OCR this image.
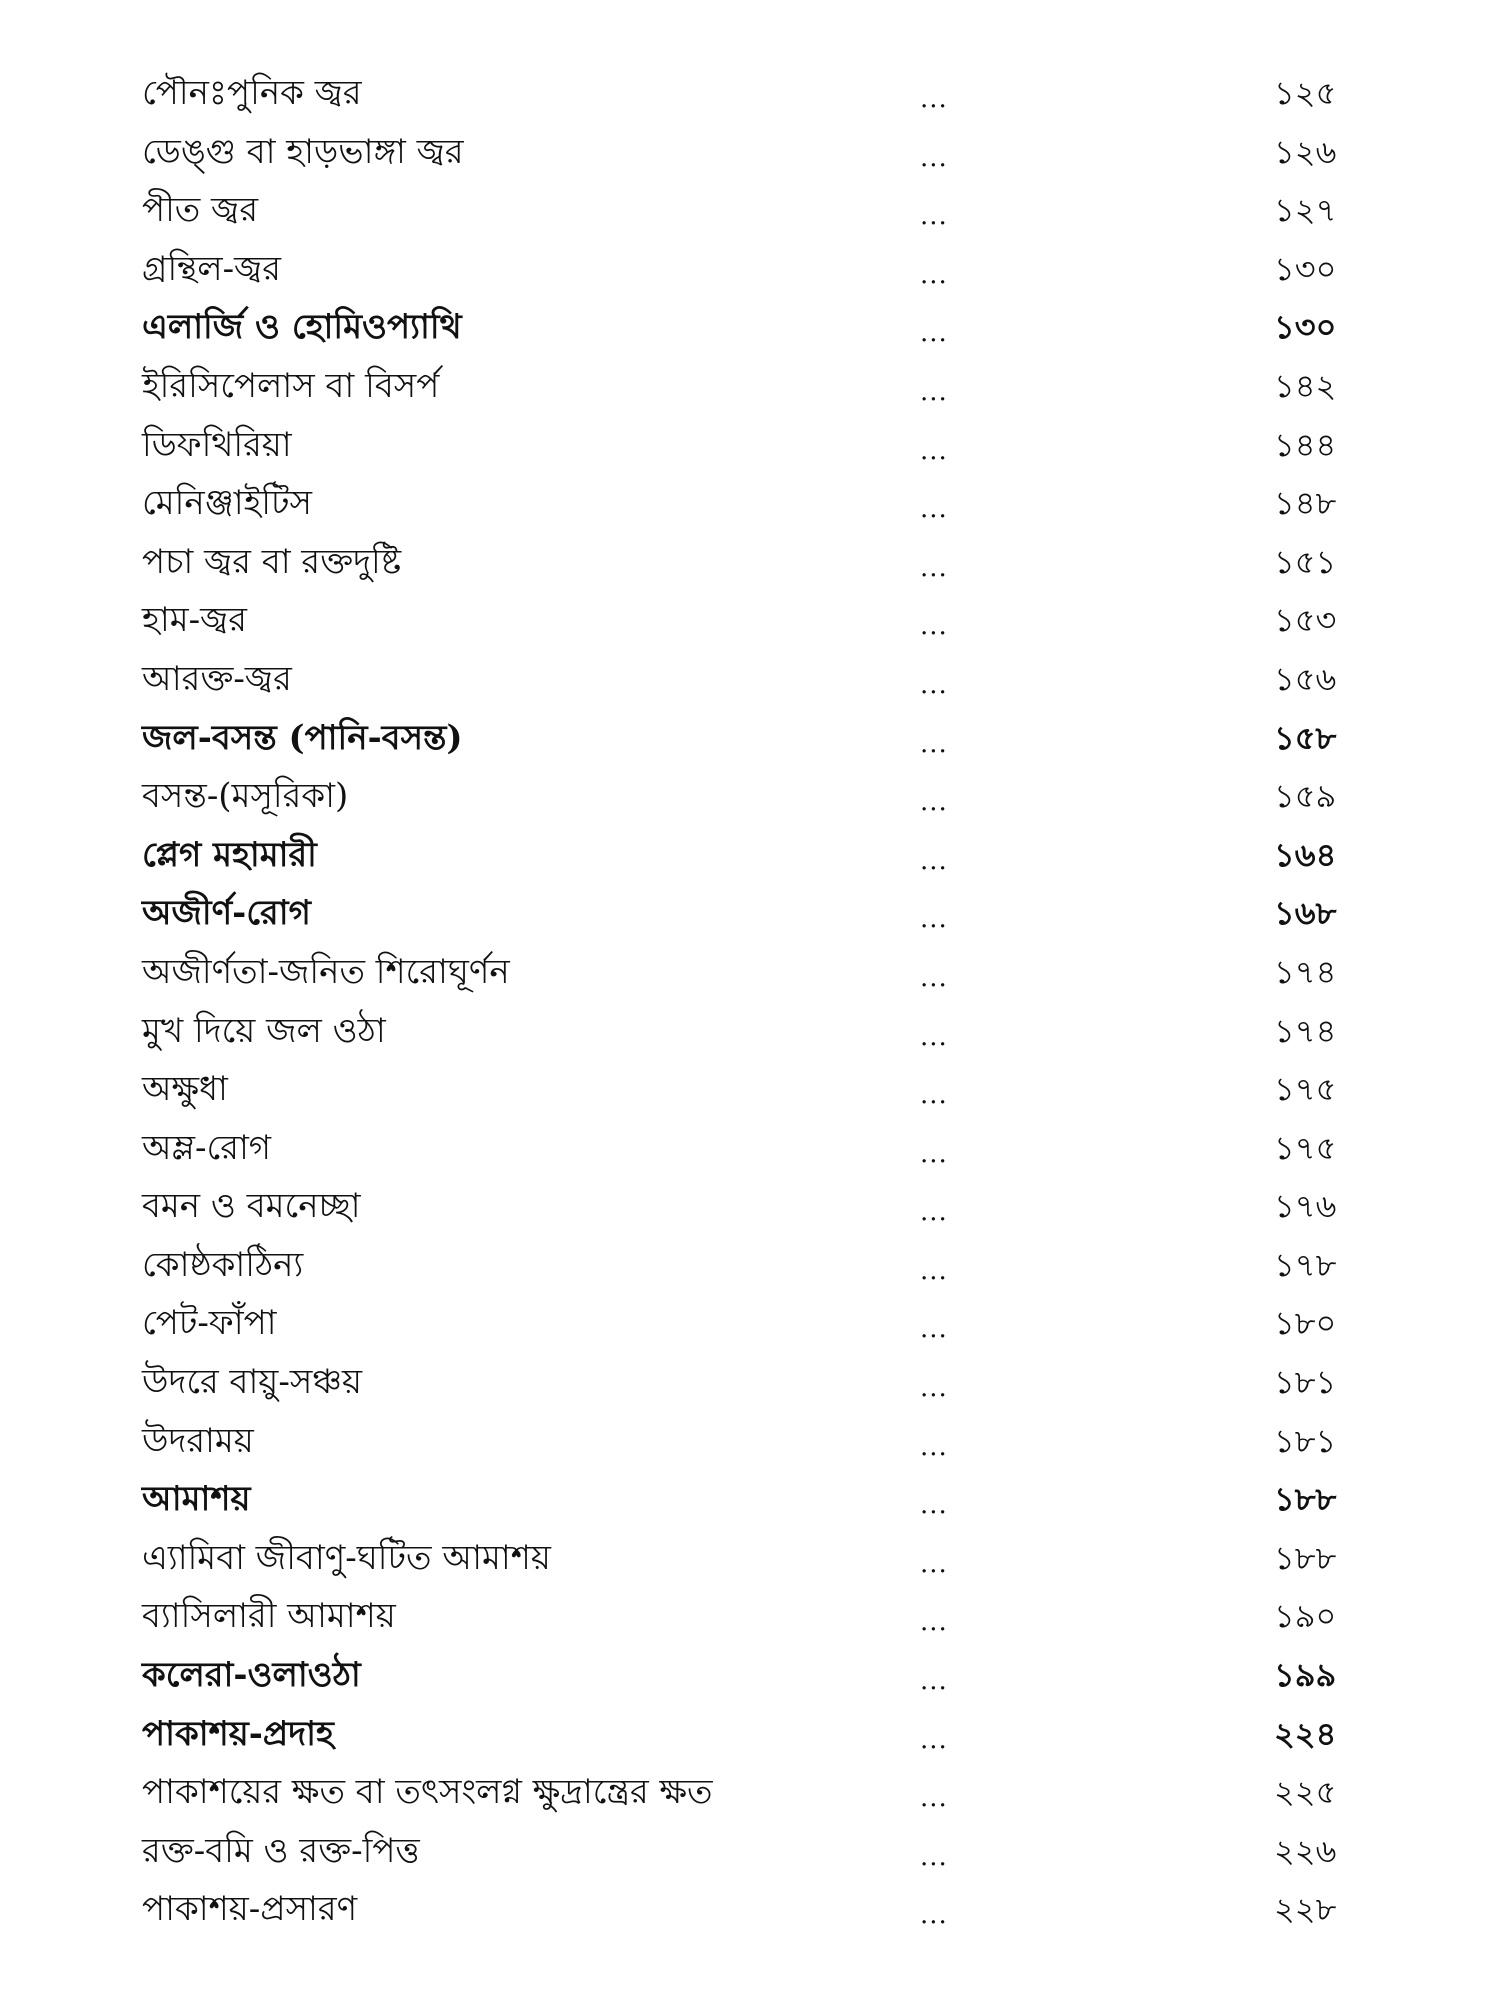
পৌনঃপুনিক জ্বর	...	১২৫
ডেঙ্গু বা হাড়ভাঙ্গা জ্বর	...	১২৬
পীত জ্বর	...	১২৭
গ্রন্থিল-জ্বর	...	১৩০
এলার্জি ও হোমিওপ্যাথি	...	১৩০
ইরিসিপেলাস বা বিসর্প	...	১৪২
ডিফথিরিয়া	...	১৪৪
মেনিঞ্জাইটিস	...	১৪৮
পচা জ্বর বা রক্তদুষ্টি	...	১৫১
হাম-জ্বর	...	১৫৩
আরক্ত-জ্বর	...	১৫৬
জল-বসন্ত (পানি-বসন্ত)	...	১৫৮
বসন্ত-(মসূরিকা)	...	১৫৯
প্লেগ মহামারী	...	১৬৪
অজীর্ণ-রোগ	...	১৬৮
অজীর্ণতা-জনিত শিরোঘূর্ণন	...	১৭৪
মুখ দিয়ে জল ওঠা	...	১৭৪
অক্ষুধা	...	১৭৫
অম্ল-রোগ	...	১৭৫
বমন ও বমনেচ্ছা	...	১৭৬
কোষ্ঠকাঠিন্য	...	১৭৮
পেট-ফাঁপা	...	১৮০
উদরে বায়ু-সঞ্চয়	...	১৮১
উদরাময়	...	১৮১
আমাশয়	...	১৮৮
এ্যামিবা জীবাণু-ঘটিত আমাশয়	...	১৮৮
ব্যাসিলারী আমাশয়	...	১৯০
কলেরা-ওলাওঠা	...	১৯৯
পাকাশয়-প্রদাহ	...	২২৪
পাকাশয়ের ক্ষত বা তৎসংলগ্ন ক্ষুদ্রান্ত্রের ক্ষত	...	২২৫
রক্ত-বমি ও রক্ত-পিত্ত	...	২২৬
পাকাশয়-প্রসারণ	...	২২৮
